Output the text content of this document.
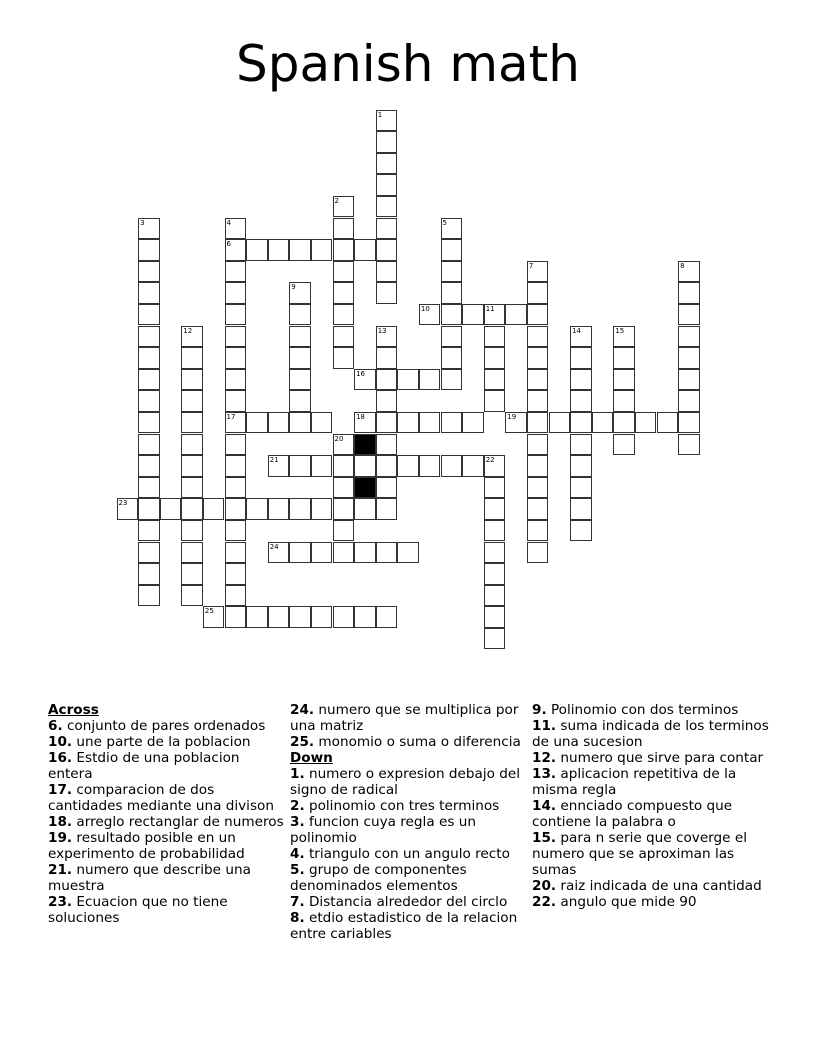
Spanish math
1
2
3	4
6
17
5
7	8
9
10	11
12	13	14	15
16
18	19
20
21	22
23
24
25
Across
6. conjunto de pares ordenados
10. une parte de la poblacion
16. Estdio de una poblacion entera
17. comparacion de dos cantidades mediante una divison
18. arreglo rectanglar de numeros
19. resultado posible en un experimento de probabilidad
21. numero que describe una muestra
23. Ecuacion que no tiene soluciones
24. numero que se multiplica por una matriz
25. monomio o suma o diferencia
Down
1. numero o expresion debajo del signo de radical
2. polinomio con tres terminos
3. funcion cuya regla es un polinomio
4. triangulo con un angulo recto
5. grupo de componentes denominados elementos
7. Distancia alrededor del circlo
8. etdio estadistico de la relacion entre cariables
9. Polinomio con dos terminos
11. suma indicada de los terminos de una sucesion
12. numero que sirve para contar
13. aplicacion repetitiva de la misma regla
14. ennciado compuesto que contiene la palabra o
15. para n serie que coverge el numero que se aproximan las sumas
20. raiz indicada de una cantidad
22. angulo que mide 90
